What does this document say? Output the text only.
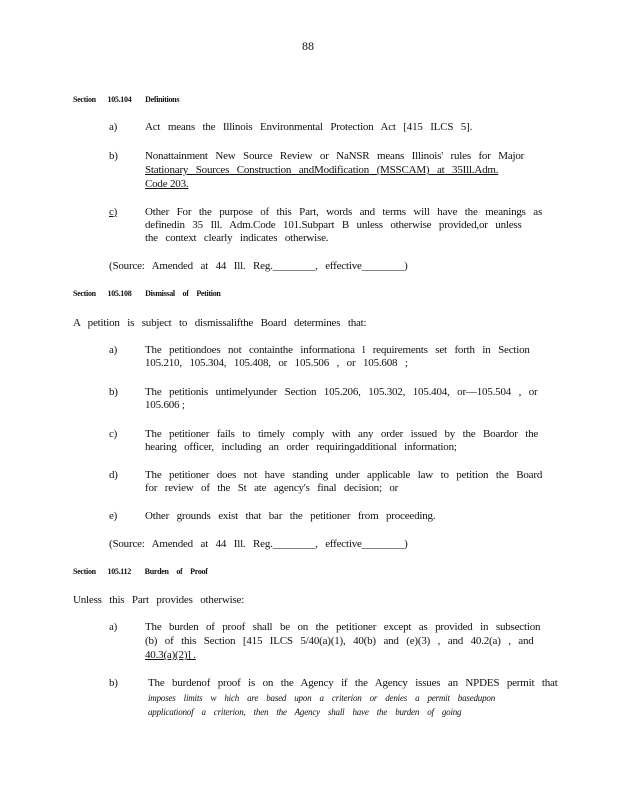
88
Section 105.104 Definitions
a)	Act means the Illinois Environmental Protection Act [415 ILCS 5].
b) Nonattainment New Source Review or NaNSR means Illinois' rules for Major
Stationary Sources Construction andModification (MSSCAM) at 35Ill.Adm.
Code 203.
c)	Other For the purpose of this Part, words and terms will have the meanings as
definedin 35 Ill. Adm.Code 101.Subpart B unless otherwise provided,or unless
the context clearly indicates otherwise.
(Source: Amended at 44 Ill. Reg.________, effective________)
Section 105.108 Dismissal of Petition
A petition is subject to dismissalifthe Board determines that:
a)	The petitiondoes not containthe informationa l requirements set forth in Section
105.210, 105.304, 105.408, or 105.506 , or 105.608 ;
b) The petitionis untimelyunder Section 105.206, 105.302, 105.404, or—105.504 , or
105.606 ;
c)	The petitioner fails to timely comply with any order issued by the Boardor the
hearing officer, including an order requiringadditional information;
d) The petitioner does not have standing under applicable law to petition the Board
for review of the St ate agency's final decision; or
e)	Other grounds exist that bar the petitioner from proceeding.
(Source: Amended at 44 Ill. Reg.________, effective________)
Section 105.112 Burden of Proof
Unless this Part provides otherwise:
a)	The burden of proof shall be on the petitioner except as provided in subsection
(b) of this Section [415 ILCS 5/40(a)(1), 40(b) and (e)(3) , and 40.2(a) , and
40.3(a)(2)] .
b)	The burdenof proof is on the Agency if the Agency issues an NPDES permit that
imposes limits w hich are based upon a criterion or denies a permit basedupon
applicationof a criterion, then the Agency shall have the burden of going
